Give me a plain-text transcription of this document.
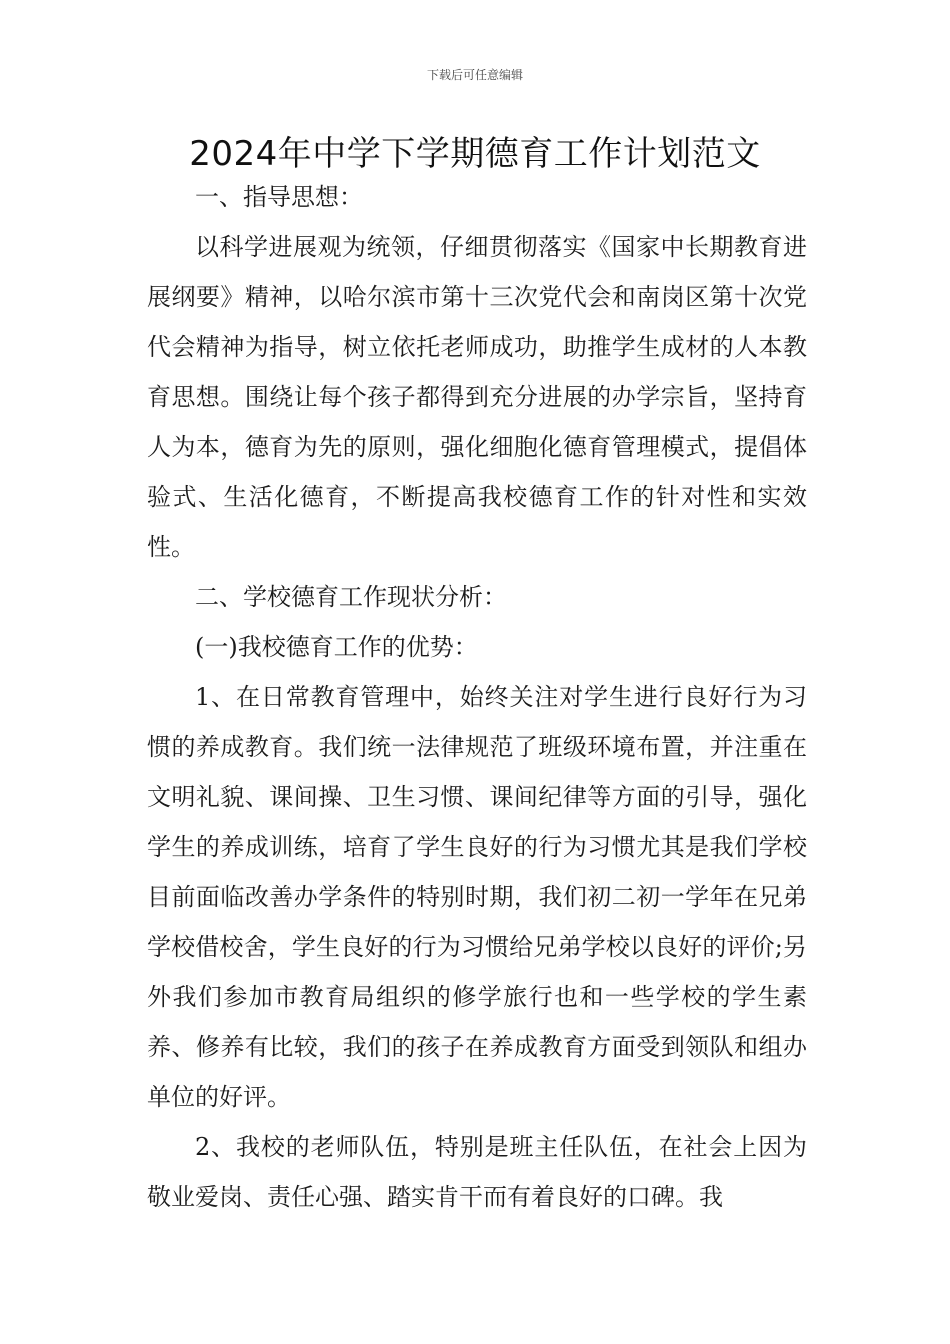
下载后可任意编辑
2024年中学下学期德育工作计划范文

一、指导思想：

以科学进展观为统领，仔细贯彻落实《国家中长期教育进展纲要》精神，以哈尔滨市第十三次党代会和南岗区第十次党代会精神为指导，树立依托老师成功，助推学生成材的人本教育思想。围绕让每个孩子都得到充分进展的办学宗旨，坚持育人为本，德育为先的原则，强化细胞化德育管理模式，提倡体验式、生活化德育，不断提高我校德育工作的针对性和实效性。

二、学校德育工作现状分析：

(一)我校德育工作的优势：

1、在日常教育管理中，始终关注对学生进行良好行为习惯的养成教育。我们统一法律规范了班级环境布置，并注重在文明礼貌、课间操、卫生习惯、课间纪律等方面的引导，强化学生的养成训练，培育了学生良好的行为习惯尤其是我们学校目前面临改善办学条件的特别时期，我们初二初一学年在兄弟学校借校舍，学生良好的行为习惯给兄弟学校以良好的评价;另外我们参加市教育局组织的修学旅行也和一些学校的学生素养、修养有比较，我们的孩子在养成教育方面受到领队和组办单位的好评。

2、我校的老师队伍，特别是班主任队伍，在社会上因为敬业爱岗、责任心强、踏实肯干而有着良好的口碑。我
